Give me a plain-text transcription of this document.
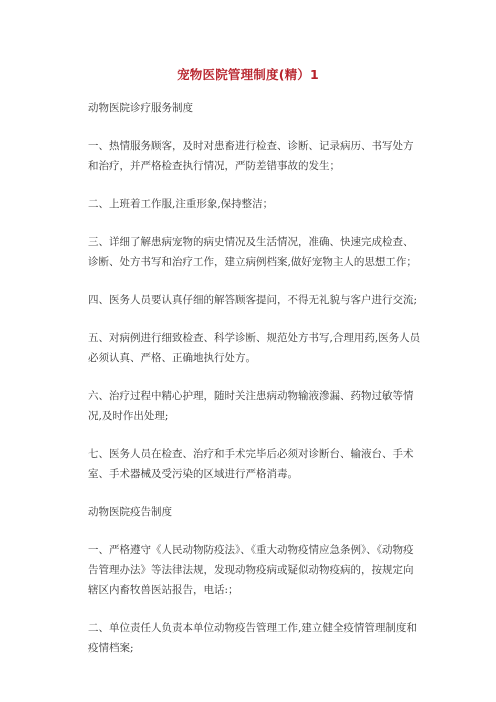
宠物医院管理制度(精）1

动物医院诊疗服务制度

一、热情服务顾客，及时对患畜进行检查、诊断、记录病历、书写处方和治疗，并严格检查执行情况，严防差错事故的发生；

二、上班着工作服,注重形象,保持整洁；

三、详细了解患病宠物的病史情况及生活情况，准确、快速完成检查、诊断、处方书写和治疗工作，建立病例档案,做好宠物主人的思想工作；

四、医务人员要认真仔细的解答顾客提问，不得无礼貌与客户进行交流;

五、对病例进行细致检查、科学诊断、规范处方书写,合理用药,医务人员必须认真、严格、正确地执行处方。

六、治疗过程中精心护理，随时关注患病动物输液滲漏、药物过敏等情况,及时作出处理;

七、医务人员在检查、治疗和手术完毕后必须对诊断台、输液台、手术室、手术器械及受污染的区域进行严格消毒。

动物医院疫告制度

一、严格遵守《人民动物防疫法》、《重大动物疫情应急条例》、《动物疫告管理办法》等法律法规，发现动物疫病或疑似动物疫病的，按规定向辖区内畜牧兽医站报告，电话:；

二、单位责任人负责本单位动物疫告管理工作,建立健全疫情管理制度和疫情档案;
